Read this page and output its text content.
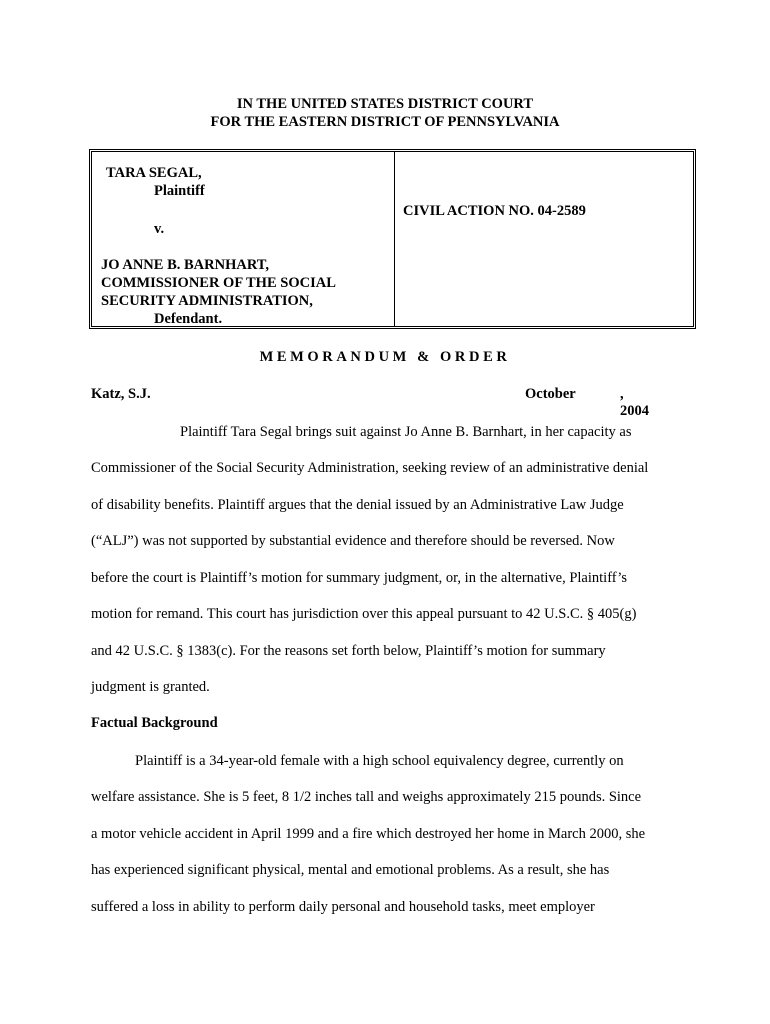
IN THE UNITED STATES DISTRICT COURT
FOR THE EASTERN DISTRICT OF PENNSYLVANIA
TARA SEGAL,
Plaintiff
v.
JO ANNE B. BARNHART,
COMMISSIONER OF THE SOCIAL
SECURITY ADMINISTRATION,
Defendant.
CIVIL ACTION NO. 04-2589
MEMORANDUM & ORDER
Katz, S.J.	October	, 2004
Plaintiff Tara Segal brings suit against Jo Anne B. Barnhart, in her capacity as
Commissioner of the Social Security Administration, seeking review of an administrative denial
of disability benefits. Plaintiff argues that the denial issued by an Administrative Law Judge
(“ALJ”) was not supported by substantial evidence and therefore should be reversed. Now
before the court is Plaintiff’s motion for summary judgment, or, in the alternative, Plaintiff’s
motion for remand. This court has jurisdiction over this appeal pursuant to 42 U.S.C. § 405(g)
and 42 U.S.C. § 1383(c). For the reasons set forth below, Plaintiff’s motion for summary
judgment is granted.
Factual Background
Plaintiff is a 34-year-old female with a high school equivalency degree, currently on
welfare assistance. She is 5 feet, 8 1/2 inches tall and weighs approximately 215 pounds. Since
a motor vehicle accident in April 1999 and a fire which destroyed her home in March 2000, she
has experienced significant physical, mental and emotional problems. As a result, she has
suffered a loss in ability to perform daily personal and household tasks, meet employer
